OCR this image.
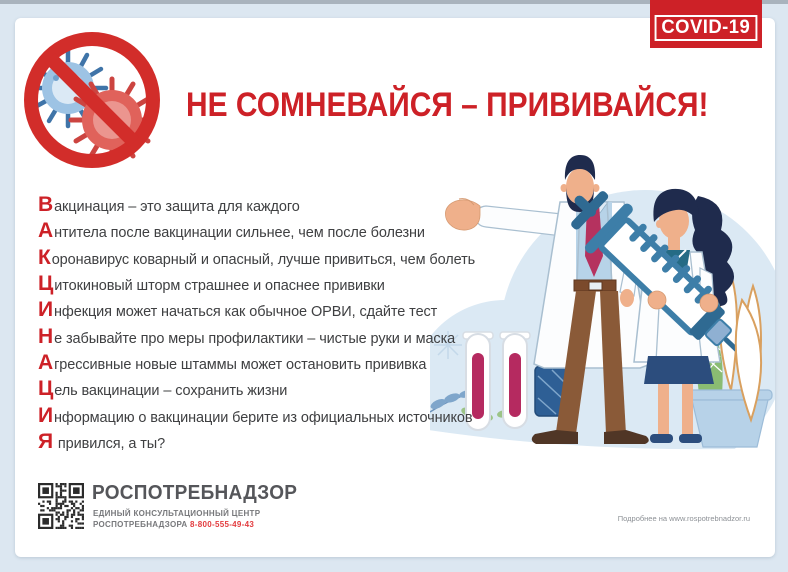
COVID-19
НЕ СОМНЕВАЙСЯ – ПРИВИВАЙСЯ!
Вакцинация – это защита для каждого
Антитела после вакцинации сильнее, чем после болезни
Коронавирус коварный и опасный, лучше привиться, чем болеть
Цитокиновый шторм страшнее и опаснее прививки
Инфекция может начаться как обычное ОРВИ, сдайте тест
Не забывайте про меры профилактики – чистые руки и маска
Агрессивные новые штаммы может остановить прививка
Цель вакцинации – сохранить жизни
Информацию о вакцинации берите из официальных источников
Я привился, а ты?
РОСПОТРЕБНАДЗОР
ЕДИНЫЙ КОНСУЛЬТАЦИОННЫЙ ЦЕНТР
РОСПОТРЕБНАДЗОРА 8-800-555-49-43
Подробнее на www.rospotrebnadzor.ru
